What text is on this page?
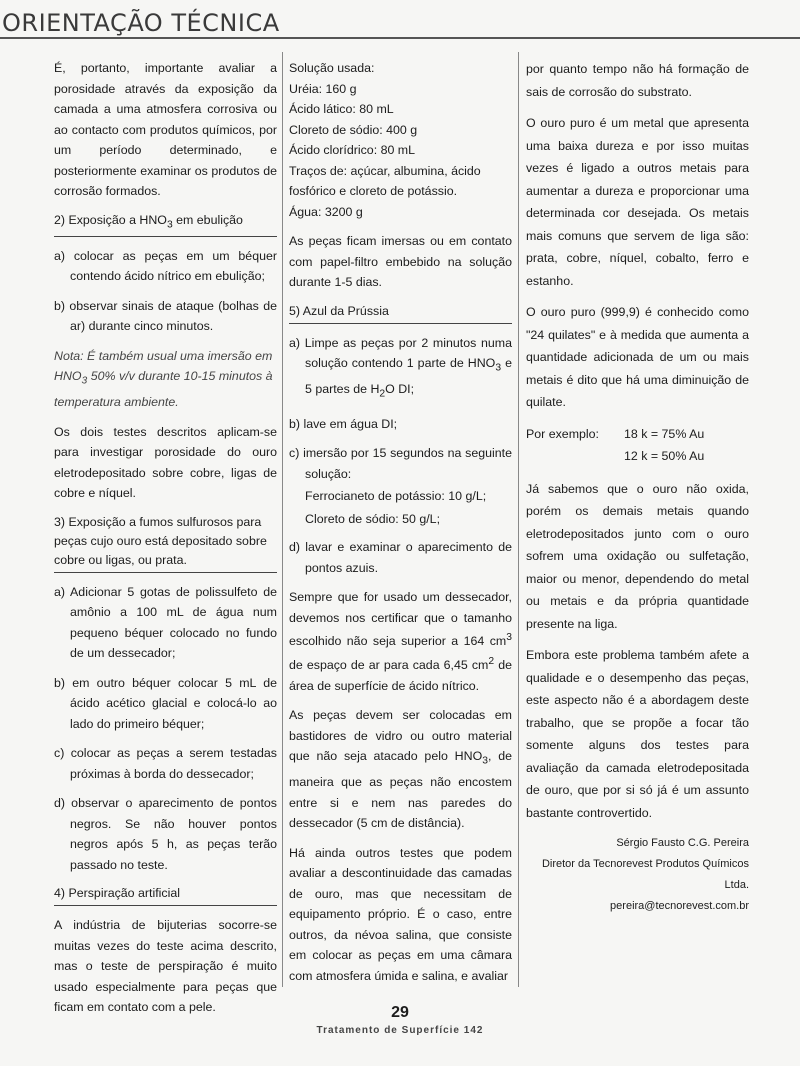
ORIENTAÇÃO TÉCNICA

É, portanto, importante avaliar a porosidade através da exposição da camada a uma atmosfera corrosiva ou ao contacto com produtos químicos, por um período determinado, e posteriormente examinar os produtos de corrosão formados.

2) Exposição a $HNO_3$ em ebulição
a) colocar as peças em um béquer contendo ácido nítrico em ebulição;
b) observar sinais de ataque (bolhas de ar) durante cinco minutos.
Nota: É também usual uma imersão em $HNO_3$ 50% v/v durante 10-15 minutos à temperatura ambiente.

Os dois testes descritos aplicam-se para investigar porosidade do ouro eletrodepositado sobre cobre, ligas de cobre e níquel.

3) Exposição a fumos sulfurosos para peças cujo ouro está depositado sobre cobre ou ligas, ou prata.
a) Adicionar 5 gotas de polissulfeto de amônio a 100 mL de água num pequeno béquer colocado no fundo de um dessecador;
b) em outro béquer colocar 5 mL de ácido acético glacial e colocá-lo ao lado do primeiro béquer;
c) colocar as peças a serem testadas próximas à borda do dessecador;
d) observar o aparecimento de pontos negros. Se não houver pontos negros após 5 h, as peças terão passado no teste.
4) Perspiração artificial

A indústria de bijuterias socorre-se muitas vezes do teste acima descrito, mas o teste de perspiração é muito usado especialmente para peças que ficam em contato com a pele.

Solução usada:
Uréia: 160 g
Ácido lático: 80 mL
Cloreto de sódio: 400 g
Ácido clorídrico: 80 mL
Traços de: açúcar, albumina, ácido fosfórico e cloreto de potássio.
Água: 3200 g

As peças ficam imersas ou em contato com papel-filtro embebido na solução durante 1-5 dias.

5) Azul da Prússia
a) Limpe as peças por 2 minutos numa solução contendo 1 parte de $HNO_3$ e 5 partes de $H_2O$ DI;
b) lave em água DI;
c) imersão por 15 segundos na seguinte solução:
Ferrocianeto de potássio: 10 g/L;
Cloreto de sódio: 50 g/L;
d) lavar e examinar o aparecimento de pontos azuis.

Sempre que for usado um dessecador, devemos nos certificar que o tamanho escolhido não seja superior a 164 $cm^3$ de espaço de ar para cada 6,45 $cm^2$ de área de superfície de ácido nítrico.

As peças devem ser colocadas em bastidores de vidro ou outro material que não seja atacado pelo $HNO_3$, de maneira que as peças não encostem entre si e nem nas paredes do dessecador (5 cm de distância).

Há ainda outros testes que podem avaliar a descontinuidade das camadas de ouro, mas que necessitam de equipamento próprio. É o caso, entre outros, da névoa salina, que consiste em colocar as peças em uma câmara com atmosfera úmida e salina, e avaliar

por quanto tempo não há formação de sais de corrosão do substrato.

O ouro puro é um metal que apresenta uma baixa dureza e por isso muitas vezes é ligado a outros metais para aumentar a dureza e proporcionar uma determinada cor desejada. Os metais mais comuns que servem de liga são: prata, cobre, níquel, cobalto, ferro e estanho.

O ouro puro (999,9) é conhecido como "24 quilates" e à medida que aumenta a quantidade adicionada de um ou mais metais é dito que há uma diminuição de quilate.

Por exemplo:	18 k = 75% Au
12 k = 50% Au

Já sabemos que o ouro não oxida, porém os demais metais quando eletrodepositados junto com o ouro sofrem uma oxidação ou sulfetação, maior ou menor, dependendo do metal ou metais e da própria quantidade presente na liga.

Embora este problema também afete a qualidade e o desempenho das peças, este aspecto não é a abordagem deste trabalho, que se propõe a focar tão somente alguns dos testes para avaliação da camada eletrodepositada de ouro, que por si só já é um assunto bastante controvertido.

Sérgio Fausto C.G. Pereira
Diretor da Tecnorevest Produtos Químicos Ltda.
pereira@tecnorevest.com.br
29
Tratamento de Superfície 142
